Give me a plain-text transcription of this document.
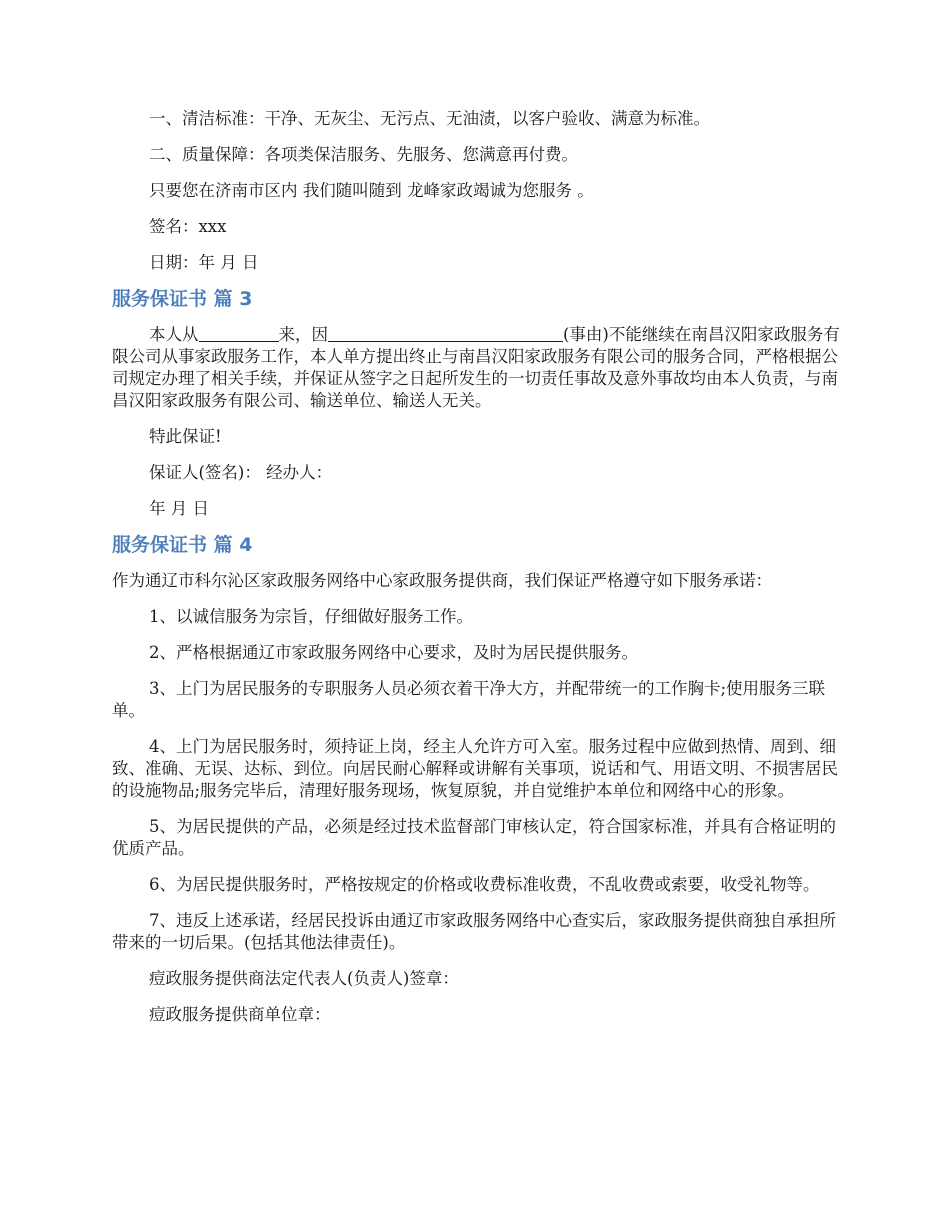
一、清洁标准：干净、无灰尘、无污点、无油渍，以客户验收、满意为标准。

二、质量保障：各项类保洁服务、先服务、您满意再付费。

只要您在济南市区内 我们随叫随到 龙峰家政竭诚为您服务 。

签名：xxx

日期：年 月 日

服务保证书 篇 3

本人从	来，因	(事由)不能继续在南昌汉阳家政服务有限公司从事家政服务工作，本人单方提出终止与南昌汉阳家政服务有限公司的服务合同，严格根据公司规定办理了相关手续，并保证从签字之日起所发生的一切责任事故及意外事故均由本人负责，与南昌汉阳家政服务有限公司、输送单位、输送人无关。

特此保证!

保证人(签名)： 经办人：

年 月 日

服务保证书 篇 4

作为通辽市科尔沁区家政服务网络中心家政服务提供商，我们保证严格遵守如下服务承诺：

1、以诚信服务为宗旨，仔细做好服务工作。

2、严格根据通辽市家政服务网络中心要求，及时为居民提供服务。

3、上门为居民服务的专职服务人员必须衣着干净大方，并配带统一的工作胸卡;使用服务三联单。

4、上门为居民服务时，须持证上岗，经主人允许方可入室。服务过程中应做到热情、周到、细致、准确、无误、达标、到位。向居民耐心解释或讲解有关事项，说话和气、用语文明、不损害居民的设施物品;服务完毕后，清理好服务现场，恢复原貌，并自觉维护本单位和网络中心的形象。

5、为居民提供的产品，必须是经过技术监督部门审核认定，符合国家标准，并具有合格证明的优质产品。

6、为居民提供服务时，严格按规定的价格或收费标准收费，不乱收费或索要，收受礼物等。

7、违反上述承诺，经居民投诉由通辽市家政服务网络中心查实后，家政服务提供商独自承担所带来的一切后果。(包括其他法律责任)。

痘政服务提供商法定代表人(负责人)签章：

痘政服务提供商单位章：
